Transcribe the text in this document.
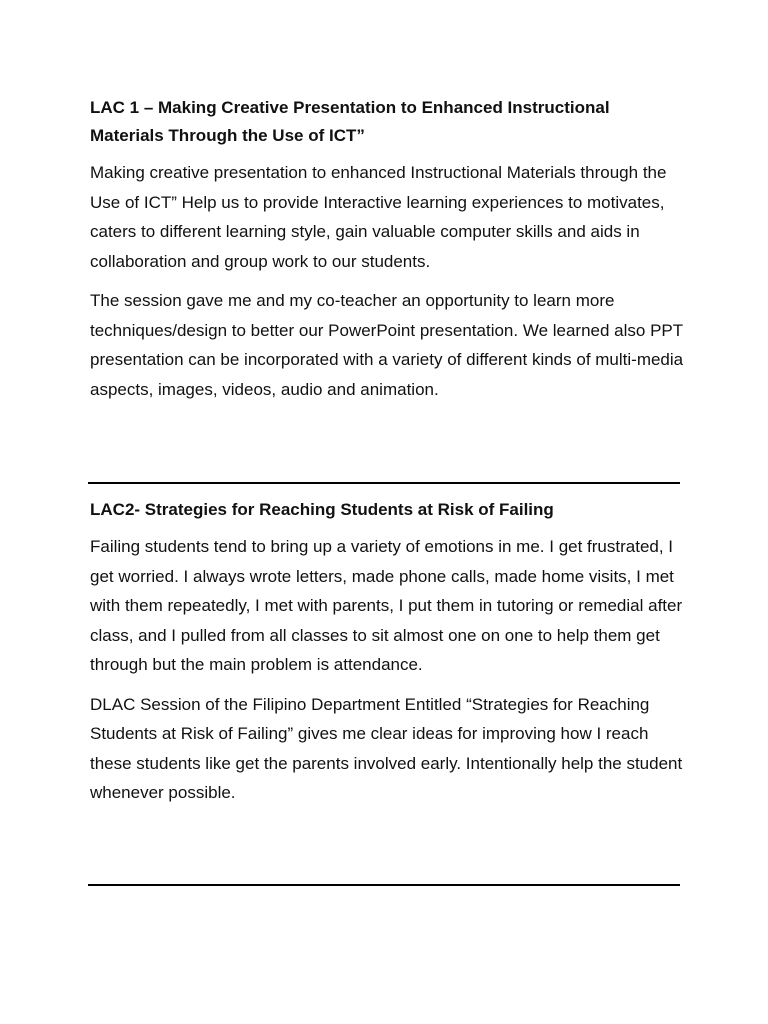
LAC 1 – Making Creative Presentation to Enhanced Instructional Materials Through the Use of ICT”

Making creative presentation to enhanced Instructional Materials through the Use of ICT” Help us to provide Interactive learning experiences to motivates, caters to different learning style, gain valuable computer skills and aids in collaboration and group work to our students.

The session gave me and my co-teacher an opportunity to learn more techniques/design to better our PowerPoint presentation. We learned also PPT presentation can be incorporated with a variety of different kinds of multi-media aspects, images, videos, audio and animation.

LAC2- Strategies for Reaching Students at Risk of Failing

Failing students tend to bring up a variety of emotions in me. I get frustrated, I get worried. I always wrote letters, made phone calls, made home visits, I met with them repeatedly, I met with parents, I put them in tutoring or remedial after class, and I pulled from all classes to sit almost one on one to help them get through but the main problem is attendance.

DLAC Session of the Filipino Department Entitled “Strategies for Reaching Students at Risk of Failing” gives me clear ideas for improving how I reach these students like get the parents involved early. Intentionally help the student whenever possible.
